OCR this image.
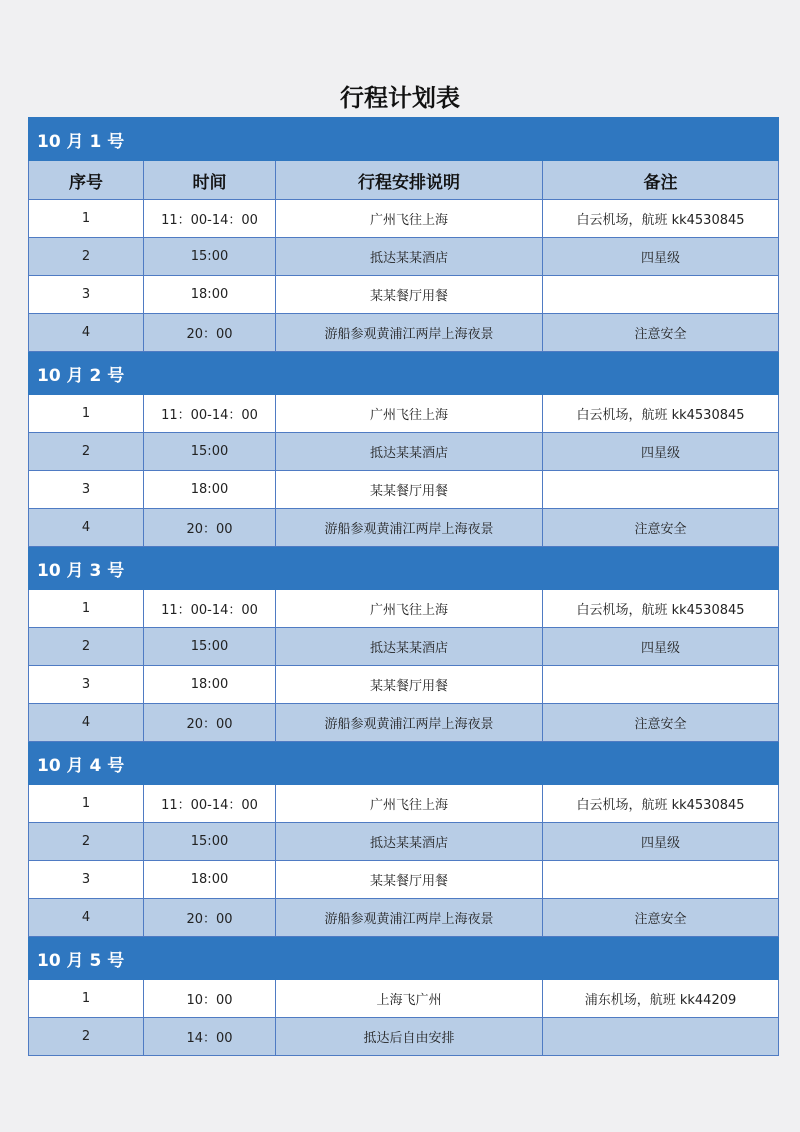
行程计划表
10 月 1 号			
序号	时间	行程安排说明	备注
1	11：00-14：00	广州飞往上海	白云机场，航班 kk4530845
2	15:00	抵达某某酒店	四星级
3	18:00	某某餐厅用餐	
4	20：00	游船参观黄浦江两岸上海夜景	注意安全
10 月 2 号			
1	11：00-14：00	广州飞往上海	白云机场，航班 kk4530845
2	15:00	抵达某某酒店	四星级
3	18:00	某某餐厅用餐	
4	20：00	游船参观黄浦江两岸上海夜景	注意安全
10 月 3 号			
1	11：00-14：00	广州飞往上海	白云机场，航班 kk4530845
2	15:00	抵达某某酒店	四星级
3	18:00	某某餐厅用餐	
4	20：00	游船参观黄浦江两岸上海夜景	注意安全
10 月 4 号			
1	11：00-14：00	广州飞往上海	白云机场，航班 kk4530845
2	15:00	抵达某某酒店	四星级
3	18:00	某某餐厅用餐	
4	20：00	游船参观黄浦江两岸上海夜景	注意安全
10 月 5 号			
1	10：00	上海飞广州	浦东机场，航班 kk44209
2	14：00	抵达后自由安排	
